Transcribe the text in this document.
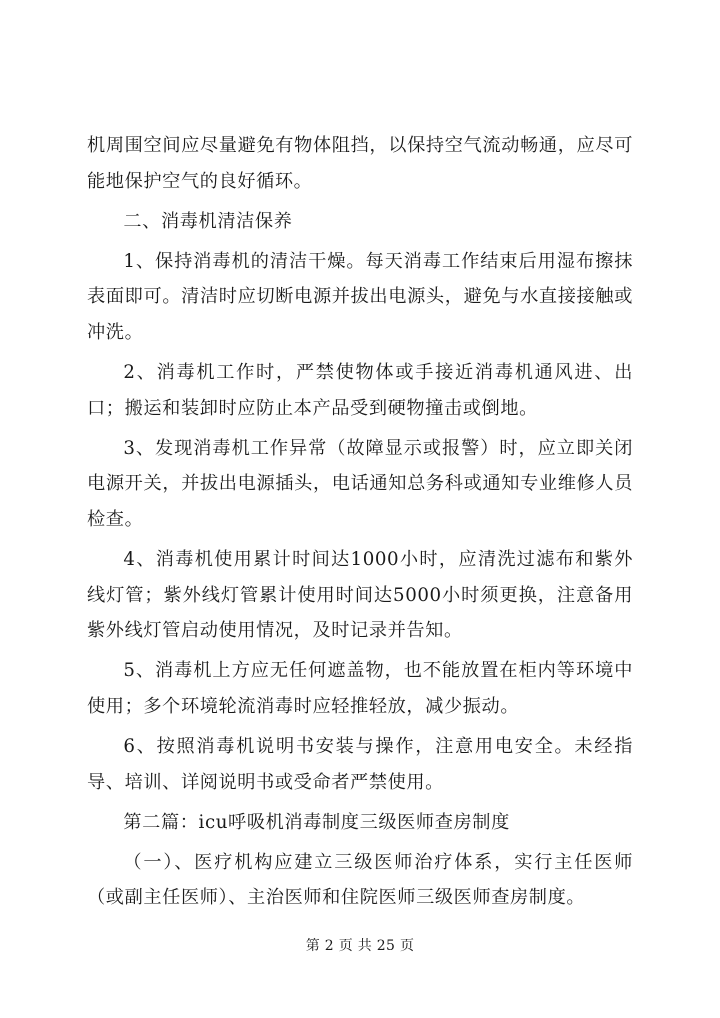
机周围空间应尽量避免有物体阻挡，以保持空气流动畅通，应尽可能地保护空气的良好循环。

二、消毒机清洁保养

1、保持消毒机的清洁干燥。每天消毒工作结束后用湿布擦抹表面即可。清洁时应切断电源并拔出电源头，避免与水直接接触或冲洗。

2、消毒机工作时，严禁使物体或手接近消毒机通风进、出口；搬运和装卸时应防止本产品受到硬物撞击或倒地。

3、发现消毒机工作异常（故障显示或报警）时，应立即关闭电源开关，并拔出电源插头，电话通知总务科或通知专业维修人员检查。

4、消毒机使用累计时间达1000小时，应清洗过滤布和紫外线灯管；紫外线灯管累计使用时间达5000小时须更换，注意备用紫外线灯管启动使用情况，及时记录并告知。

5、消毒机上方应无任何遮盖物，也不能放置在柜内等环境中使用；多个环境轮流消毒时应轻推轻放，减少振动。

6、按照消毒机说明书安装与操作，注意用电安全。未经指导、培训、详阅说明书或受命者严禁使用。

第二篇：icu呼吸机消毒制度三级医师查房制度

（一）、医疗机构应建立三级医师治疗体系，实行主任医师（或副主任医师）、主治医师和住院医师三级医师查房制度。

第 2 页 共 25 页
